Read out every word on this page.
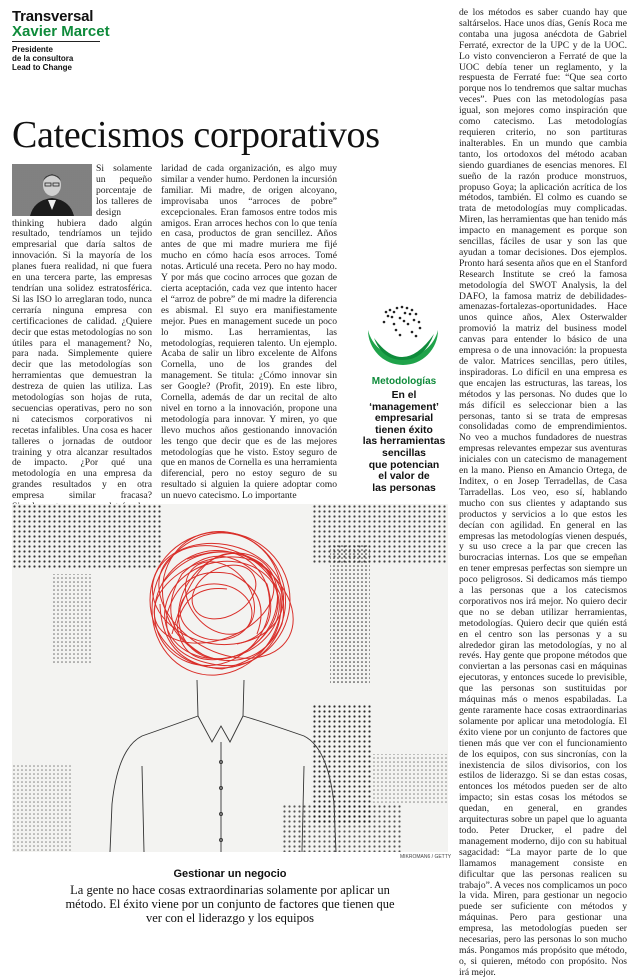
Transversal
Xavier Marcet
Presidente
de la consultora
Lead to Change
Catecismos corporativos

Si solamente un pequeño porcentaje de los talleres de design thinking hubiera dado algún resultado, tendríamos un tejido empresarial que daría saltos de innovación. Si la mayoría de los planes fuera realidad, ni que fuera en una tercera parte, las empresas tendrían una solidez estratosférica. Si las ISO lo arreglaran todo, nunca cerraría ninguna empresa con certificaciones de calidad. ¿Quiere decir que estas metodologías no son útiles para el management? No, para nada. Simplemente quiere decir que las metodologías son herramientas que demuestran la destreza de quien las utiliza. Las metodologías son hojas de ruta, secuencias operativas, pero no son ni catecismos corporativos ni recetas infalibles. Una cosa es hacer talleres o jornadas de outdoor training y otra alcanzar resultados de impacto. ¿Por qué una metodología en una empresa da grandes resultados y en otra empresa similar fracasa?

laridad de cada organización, es algo muy similar a vender humo. Perdonen la incursión familiar. Mi madre, de origen alcoyano, improvisaba unos “arroces de pobre” excepcionales. Eran famosos entre todos mis amigos. Eran arroces hechos con lo que tenía en casa, productos de gran sencillez. Años antes de que mi madre muriera me fijé mucho en cómo hacía esos arroces. Tomé notas. Articulé una receta. Pero no hay modo. Y por más que cocino arroces que gozan de cierta aceptación, cada vez que intento hacer el “arroz de pobre” de mi madre la diferencia es abismal. El suyo era manifiestamente mejor. Pues en management sucede un poco lo mismo. Las herramientas, las metodologías, requieren talento. Un ejemplo. Acaba de salir un libro excelente de Alfons Cornella, uno de los grandes del management. Se titula: ¿Cómo innovar sin ser Google? (Profit, 2019). En este libro, Cornella, además de dar un recital de alto nivel en torno a la innovación, propone una metodología para innovar. Y miren, yo que llevo muchos años gestionando innovación les tengo que decir que es de las mejores metodologías que he visto. Estoy seguro de que en manos de Cornella es una herramienta diferencial, pero no estoy seguro de su resultado si alguien la quiere adoptar como un nuevo catecismo. Lo importante

Metodologías
En el
‘management’
empresarial
tienen éxito
las herramientas
sencillas
que potencian
el valor de
las personas

de los métodos es saber cuando hay que saltárselos. Hace unos días, Genís Roca me contaba una jugosa anécdota de Gabriel Ferraté, exrector de la UPC y de la UOC. Lo visto convencieron a Ferraté de que la UOC debía tener un reglamento, y la respuesta de Ferraté fue: “Que sea corto porque nos lo tendremos que saltar muchas veces”. Pues con las metodologías pasa igual, son mejores como inspiración que como catecismo. Las metodologías requieren criterio, no son partituras inalterables. En un mundo que cambia tanto, los ortodoxos del método acaban siendo guardianes de esencias menores. El sueño de la razón produce monstruos, propuso Goya; la aplicación acrítica de los métodos, también. El colmo es cuando se trata de metodologías muy complicadas. Miren, las herramientas que han tenido más impacto en management es porque son sencillas, fáciles de usar y son las que ayudan a tomar decisiones. Dos ejemplos. Pronto hará sesenta años que en el Stanford Research Institute se creó la famosa metodología del SWOT Analysis, la del DAFO, la famosa matriz de debilidades-amenazas-fortalezas-oportunidades. Hace unos quince años, Alex Osterwalder promovió la matriz del business model canvas para entender lo básico de una empresa o de una innovación: la propuesta de valor. Matrices sencillas, pero útiles, inspiradoras. Lo difícil en una empresa es que encajen las estructuras, las tareas, los métodos y las personas. No dudes que lo más difícil es seleccionar bien a las personas, tanto si se trata de empresas consolidadas como de emprendimientos. No veo a muchos fundadores de nuestras empresas relevantes empezar sus aventuras iniciales con un catecismo de management en la mano. Pienso en Amancio Ortega, de Inditex, o en Josep Terradellas, de Casa Tarradellas. Los veo, eso sí, hablando mucho con sus clientes y adaptando sus productos y servicios a lo que estos les decían con agilidad. En general en las empresas las metodologías vienen después, y su uso crece a la par que crecen las burocracias internas. Los que se empeñan en tener empresas perfectas son siempre un poco peligrosos. Si dedicamos más tiempo a las personas que a los catecismos corporativos nos irá mejor. No quiero decir que no se deban utilizar herramientas, metodologías. Quiero decir que quién está en el centro son las personas y a su alrededor giran las metodologías, y no al revés. Hay gente que propone métodos que conviertan a las personas casi en máquinas ejecutoras, y entonces sucede lo previsible, que las personas son sustituidas por máquinas más o menos espabiladas. La gente raramente hace cosas extraordinarias solamente por aplicar una metodología. El éxito viene por un conjunto de factores que tienen más que ver con el funcionamiento de los equipos, con sus sincronías, con la inexistencia de silos divisorios, con los estilos de liderazgo. Si se dan estas cosas, entonces los métodos pueden ser de alto impacto; sin estas cosas los métodos se quedan, en general, en grandes arquitecturas sobre un papel que lo aguanta todo. Peter Drucker, el padre del management moderno, dijo con su habitual sagacidad: “La mayor parte de lo que llamamos management consiste en dificultar que las personas realicen su trabajo”. A veces nos complicamos un poco la vida. Miren, para gestionar un negocio puede ser suficiente con métodos y máquinas. Pero para gestionar una empresa, las metodologías pueden ser necesarias, pero las personas lo son mucho más. Pongamos más propósito que método, o, si quieren, método con propósito. Nos irá mejor.

MIKROMAN6 / GETTY
Gestionar un negocio
La gente no hace cosas extraordinarias solamente por aplicar un método. El éxito viene por un conjunto de factores que tienen que ver con el liderazgo y los equipos
